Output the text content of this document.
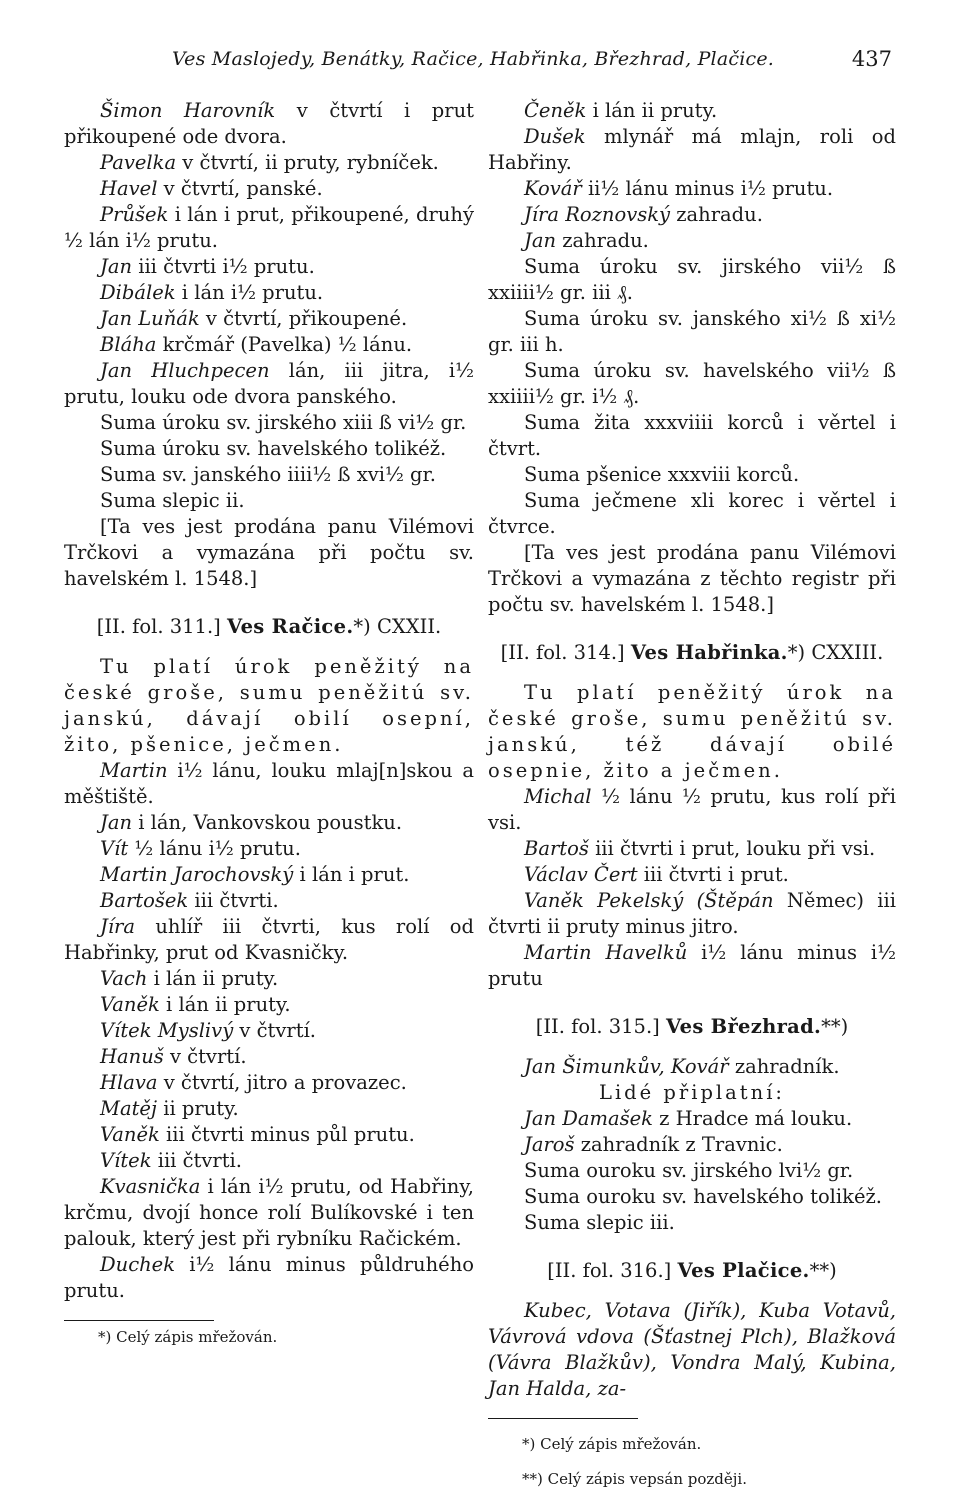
Ves Maslojedy, Benátky, Račice, Habřinka, Březhrad, Plačice.	437

Šimon Harovník v čtvrtí i prut přikoupené ode dvora.

Pavelka v čtvrtí, ii pruty, rybníček.

Havel v čtvrtí, panské.

Průšek i lán i prut, přikoupené, druhý ½ lán i½ prutu.

Jan iii čtvrti i½ prutu.

Dibálek i lán i½ prutu.

Jan Luňák v čtvrtí, přikoupené.

Bláha krčmář (Pavelka) ½ lánu.

Jan Hluchpecen lán, iii jitra, i½ prutu, louku ode dvora panského.

Suma úroku sv. jirského xiii ß vi½ gr.

Suma úroku sv. havelského tolikéž.

Suma sv. janského iiii½ ß xvi½ gr.

Suma slepic ii.

[Ta ves jest prodána panu Vilémovi Trčkovi a vymazána při počtu sv. havelském l. 1548.]

[II. fol. 311.] Ves Račice.*) CXXII.

Tu platí úrok peněžitý na české groše, sumu peněžitú sv. janskú, dávají obilí osepní, žito, pšenice, ječmen.

Martin i½ lánu, louku mlaj[n]skou a měštiště.

Jan i lán, Vankovskou poustku.

Vít ½ lánu i½ prutu.

Martin Jarochovský i lán i prut.

Bartošek iii čtvrti.

Jíra uhlíř iii čtvrti, kus rolí od Habřinky, prut od Kvasničky.

Vach i lán ii pruty.

Vaněk i lán ii pruty.

Vítek Myslivý v čtvrtí.

Hanuš v čtvrtí.

Hlava v čtvrtí, jitro a provazec.

Matěj ii pruty.

Vaněk iii čtvrti minus půl prutu.

Vítek iii čtvrti.

Kvasnička i lán i½ prutu, od Habřiny, krčmu, dvojí honce rolí Bulíkovské i ten palouk, který jest při rybníku Račickém.

Duchek i½ lánu minus půldruhého prutu.

*) Celý zápis mřežován.

Čeněk i lán ii pruty.

Dušek mlynář má mlajn, roli od Habřiny.

Kovář ii½ lánu minus i½ prutu.

Jíra Roznovský zahradu.

Jan zahradu.

Suma úroku sv. jirského vii½ ß xxiiii½ gr. iii ₰.

Suma úroku sv. janského xi½ ß xi½ gr. iii h.

Suma úroku sv. havelského vii½ ß xxiiii½ gr. i½ ₰.

Suma žita xxxviiii korců i věrtel i čtvrt.

Suma pšenice xxxviii korců.

Suma ječmene xli korec i věrtel i čtvrce.

[Ta ves jest prodána panu Vilémovi Trčkovi a vymazána z těchto registr při počtu sv. havelském l. 1548.]

[II. fol. 314.] Ves Habřinka.*) CXXIII.

Tu platí peněžitý úrok na české groše, sumu peněžitú sv. janskú, též dávají obilé osepnie, žito a ječmen.

Michal ½ lánu ½ prutu, kus rolí při vsi.

Bartoš iii čtvrti i prut, louku při vsi.

Václav Čert iii čtvrti i prut.

Vaněk Pekelský (Štěpán Němec) iii čtvrti ii pruty minus jitro.

Martin Havelků i½ lánu minus i½ prutu

[II. fol. 315.] Ves Březhrad.**)

Jan Šimunkův, Kovář zahradník.

Lidé připlatní:

Jan Damašek z Hradce má louku.

Jaroš zahradník z Travnic.

Suma ouroku sv. jirského lvi½ gr.

Suma ouroku sv. havelského tolikéž.

Suma slepic iii.

[II. fol. 316.] Ves Plačice.**)

Kubec, Votava (Jiřík), Kuba Votavů, Vávrová vdova (Šťastnej Plch), Blažková (Vávra Blažkův), Vondra Malý, Kubina, Jan Halda, za-

*) Celý zápis mřežován.

**) Celý zápis vepsán později.
